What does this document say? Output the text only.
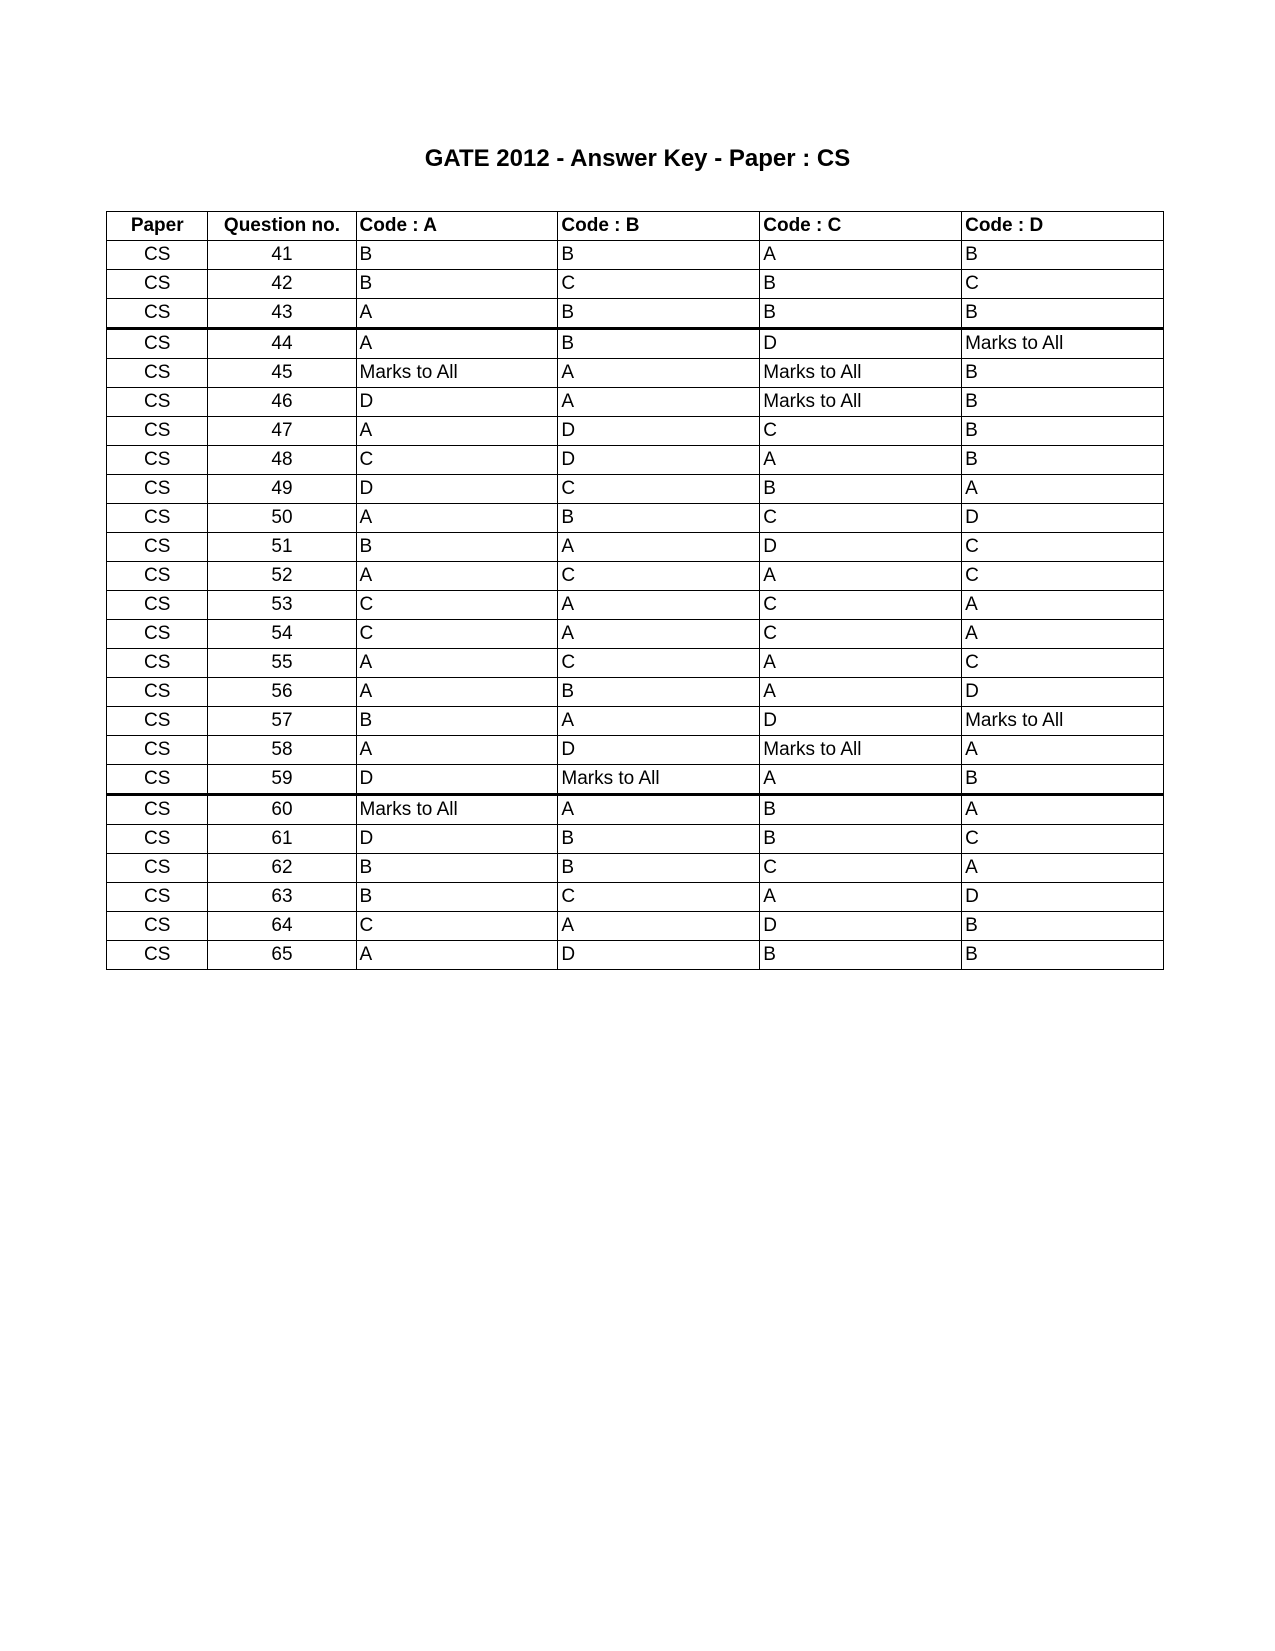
GATE 2012 - Answer Key - Paper : CS
Paper	Question no.	Code : A	Code : B	Code : C	Code : D
CS	41	B	B	A	B
CS	42	B	C	B	C
CS	43	A	B	B	B
CS	44	A	B	D	Marks to All
CS	45	Marks to All	A	Marks to All	B
CS	46	D	A	Marks to All	B
CS	47	A	D	C	B
CS	48	C	D	A	B
CS	49	D	C	B	A
CS	50	A	B	C	D
CS	51	B	A	D	C
CS	52	A	C	A	C
CS	53	C	A	C	A
CS	54	C	A	C	A
CS	55	A	C	A	C
CS	56	A	B	A	D
CS	57	B	A	D	Marks to All
CS	58	A	D	Marks to All	A
CS	59	D	Marks to All	A	B
CS	60	Marks to All	A	B	A
CS	61	D	B	B	C
CS	62	B	B	C	A
CS	63	B	C	A	D
CS	64	C	A	D	B
CS	65	A	D	B	B
